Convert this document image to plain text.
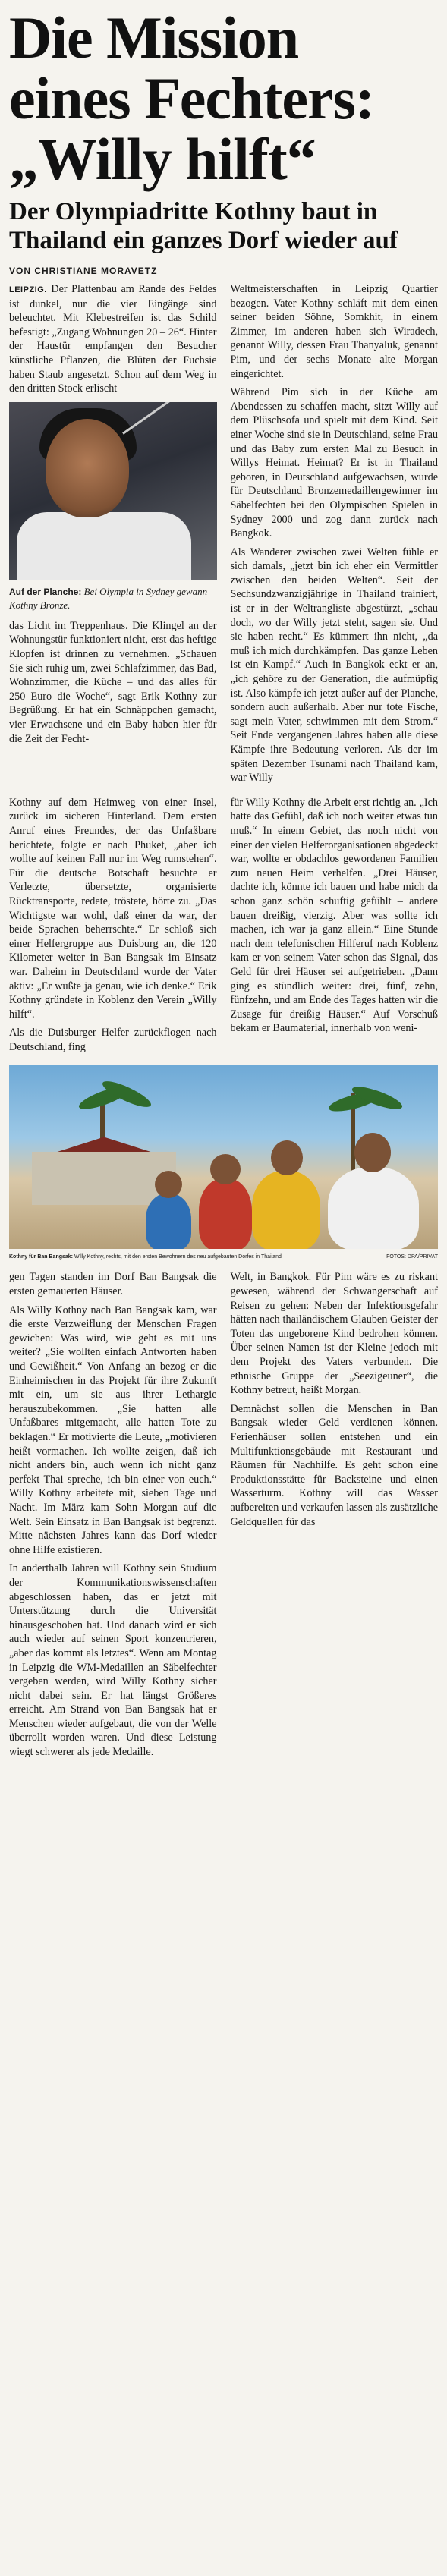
Die Mission
eines Fechters:
„Willy hilft“
Der Olympiadritte Kothny baut in
Thailand ein ganzes Dorf wieder auf
VON CHRISTIANE MORAVETZ

LEIPZIG. Der Plattenbau am Rande des Feldes ist dunkel, nur die vier Eingänge sind beleuchtet. Mit Klebestreifen ist das Schild befestigt: „Zugang Wohnungen 20 – 26“. Hinter der Haustür empfangen den Besucher künstliche Pflanzen, die Blüten der Fuchsie haben Staub angesetzt. Schon auf dem Weg in den dritten Stock erlischt

Auf der Planche: Bei Olympia in Sydney gewann Kothny Bronze.

das Licht im Treppenhaus. Die Klingel an der Wohnungstür funktioniert nicht, erst das heftige Klopfen ist drinnen zu vernehmen. „Schauen Sie sich ruhig um, zwei Schlafzimmer, das Bad, Wohnzimmer, die Küche – und das alles für 250 Euro die Woche“, sagt Erik Kothny zur Begrüßung. Er hat ein Schnäppchen gemacht, vier Erwachsene und ein Baby haben hier für die Zeit der Fecht-

Weltmeisterschaften in Leipzig Quartier bezogen. Vater Kothny schläft mit dem einen seiner beiden Söhne, Somkhit, in einem Zimmer, im anderen haben sich Wiradech, genannt Willy, dessen Frau Thanyaluk, genannt Pim, und der sechs Monate alte Morgan eingerichtet.

Während Pim sich in der Küche am Abendessen zu schaffen macht, sitzt Willy auf dem Plüschsofa und spielt mit dem Kind. Seit einer Woche sind sie in Deutschland, seine Frau und das Baby zum ersten Mal zu Besuch in Willys Heimat. Heimat? Er ist in Thailand geboren, in Deutschland aufgewachsen, wurde für Deutschland Bronzemedaillengewinner im Säbelfechten bei den Olympischen Spielen in Sydney 2000 und zog dann zurück nach Bangkok.

Als Wanderer zwischen zwei Welten fühle er sich damals, „jetzt bin ich eher ein Vermittler zwischen den beiden Welten“. Seit der Sechsundzwanzigjährige in Thailand trainiert, ist er in der Weltrangliste abgestürzt, „schau doch, wo der Willy jetzt steht, sagen sie. Und sie haben recht.“ Es kümmert ihn nicht, „da muß ich mich durchkämpfen. Das ganze Leben ist ein Kampf.“ Auch in Bangkok eckt er an, „ich gehöre zu der Generation, die aufmüpfig ist. Also kämpfe ich jetzt außer auf der Planche, sondern auch außerhalb. Aber nur tote Fische, sagt mein Vater, schwimmen mit dem Strom.“ Seit Ende vergangenen Jahres haben alle diese Kämpfe ihre Bedeutung verloren. Als der im späten Dezember Tsunami nach Thailand kam, war Willy

Kothny auf dem Heimweg von einer Insel, zurück im sicheren Hinterland. Dem ersten Anruf eines Freundes, der das Unfaßbare berichtete, folgte er nach Phuket, „aber ich wollte auf keinen Fall nur im Weg rumstehen“. Für die deutsche Botschaft besuchte er Verletzte, übersetzte, organisierte Rücktransporte, redete, tröstete, hörte zu. „Das Wichtigste war wohl, daß einer da war, der beide Sprachen beherrschte.“ Er schloß sich einer Helfergruppe aus Duisburg an, die 120 Kilometer weiter in Ban Bangsak im Einsatz war. Daheim in Deutschland wurde der Vater aktiv: „Er wußte ja genau, wie ich denke.“ Erik Kothny gründete in Koblenz den Verein „Willy hilft“.

Als die Duisburger Helfer zurückflogen nach Deutschland, fing

für Willy Kothny die Arbeit erst richtig an. „Ich hatte das Gefühl, daß ich noch weiter etwas tun muß.“ In einem Gebiet, das noch nicht von einer der vielen Helferorganisationen abgedeckt war, wollte er obdachlos gewordenen Familien zum neuen Heim verhelfen. „Drei Häuser, dachte ich, könnte ich bauen und habe mich da schon ganz schön schuftig gefühlt – andere bauen dreißig, vierzig. Aber was sollte ich machen, ich war ja ganz allein.“ Eine Stunde nach dem telefonischen Hilferuf nach Koblenz kam er von seinem Vater schon das Signal, das Geld für drei Häuser sei aufgetrieben. „Dann ging es stündlich weiter: drei, fünf, zehn, fünfzehn, und am Ende des Tages hatten wir die Zusage für dreißig Häuser.“ Auf Vorschuß bekam er Baumaterial, innerhalb von weni-

Kothny für Ban Bangsak: Willy Kothny, rechts, mit den ersten Bewohnern des neu aufgebauten Dorfes in Thailand	FOTOS: DPA/PRIVAT

gen Tagen standen im Dorf Ban Bangsak die ersten gemauerten Häuser.

Als Willy Kothny nach Ban Bangsak kam, war die erste Verzweiflung der Menschen Fragen gewichen: Was wird, wie geht es mit uns weiter? „Sie wollten einfach Antworten haben und Gewißheit.“ Von Anfang an bezog er die Einheimischen in das Projekt für ihre Zukunft mit ein, um sie aus ihrer Lethargie herauszubekommen. „Sie hatten alle Unfaßbares mitgemacht, alle hatten Tote zu beklagen.“ Er motivierte die Leute, „motivieren heißt vormachen. Ich wollte zeigen, daß ich nicht anders bin, auch wenn ich nicht ganz perfekt Thai spreche, ich bin einer von euch.“ Willy Kothny arbeitete mit, sieben Tage und Nacht. Im März kam Sohn Morgan auf die Welt. Sein Einsatz in Ban Bangsak ist begrenzt. Mitte nächsten Jahres kann das Dorf wieder ohne Hilfe existieren.

In anderthalb Jahren will Kothny sein Studium der Kommunikationswissenschaften abgeschlossen haben, das er jetzt mit Unterstützung durch die Universität hinausgeschoben hat. Und danach wird er sich auch wieder auf seinen Sport konzentrieren, „aber das kommt als letztes“. Wenn am Montag in Leipzig die WM-Medaillen an Säbelfechter vergeben werden, wird Willy Kothny sicher nicht dabei sein. Er hat längst Größeres erreicht. Am Strand von Ban Bangsak hat er Menschen wieder aufgebaut, die von der Welle überrollt worden waren. Und diese Leistung wiegt schwerer als jede Medaille.

Welt, in Bangkok. Für Pim wäre es zu riskant gewesen, während der Schwangerschaft auf Reisen zu gehen: Neben der Infektionsgefahr hätten nach thailändischem Glauben Geister der Toten das ungeborene Kind bedrohen können. Über seinen Namen ist der Kleine jedoch mit dem Projekt des Vaters verbunden. Die ethnische Gruppe der „Seezigeuner“, die Kothny betreut, heißt Morgan.

Demnächst sollen die Menschen in Ban Bangsak wieder Geld verdienen können. Ferienhäuser sollen entstehen und ein Multifunktionsgebäude mit Restaurant und Räumen für Nachhilfe. Es geht schon eine Produktionsstätte für Backsteine und einen Wasserturm. Kothny will das Wasser aufbereiten und verkaufen lassen als zusätzliche Geldquellen für das
